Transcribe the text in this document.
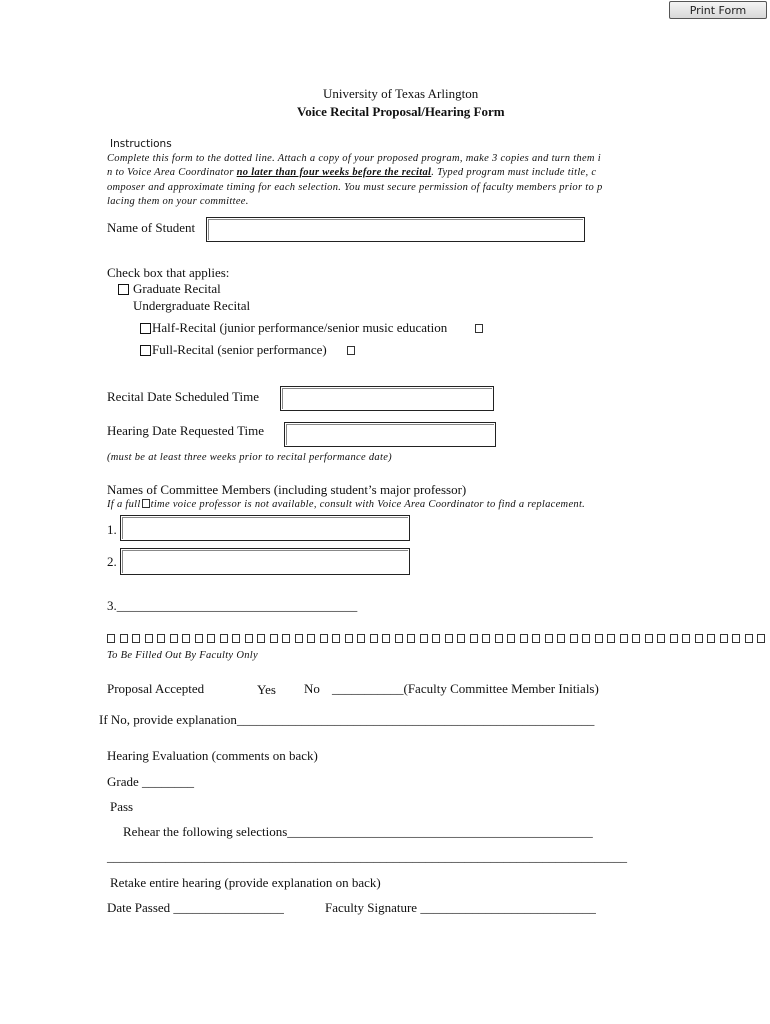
Print Form
University of Texas Arlington
Voice Recital Proposal/Hearing Form
Instructions
Complete this form to the dotted line. Attach a copy of your proposed program, make 3 copies and turn them i
n to Voice Area Coordinator no later than four weeks before the recital. Typed program must include title, c
omposer and approximate timing for each selection. You must secure permission of faculty members prior to p
lacing them on your committee.
Name of Student
Check box that applies:
Graduate Recital
Undergraduate Recital
Half-Recital (junior performance/senior music education
Full-Recital (senior performance)
Recital Date Scheduled Time
Hearing Date Requested Time
(must be at least three weeks prior to recital performance date)
Names of Committee Members (including student’s major professor)
If a full time voice professor is not available, consult with Voice Area Coordinator to find a replacement.
1.
2.
3._____________________________________
To Be Filled Out By Faculty Only
Proposal Accepted	Yes No ___________(Faculty Committee Member Initials)
If No, provide explanation_______________________________________________________
Hearing Evaluation (comments on back)
Grade ________
Pass
Rehear the following selections_______________________________________________
________________________________________________________________________________
Retake entire hearing (provide explanation on back)
Date Passed _________________	Faculty Signature ___________________________
